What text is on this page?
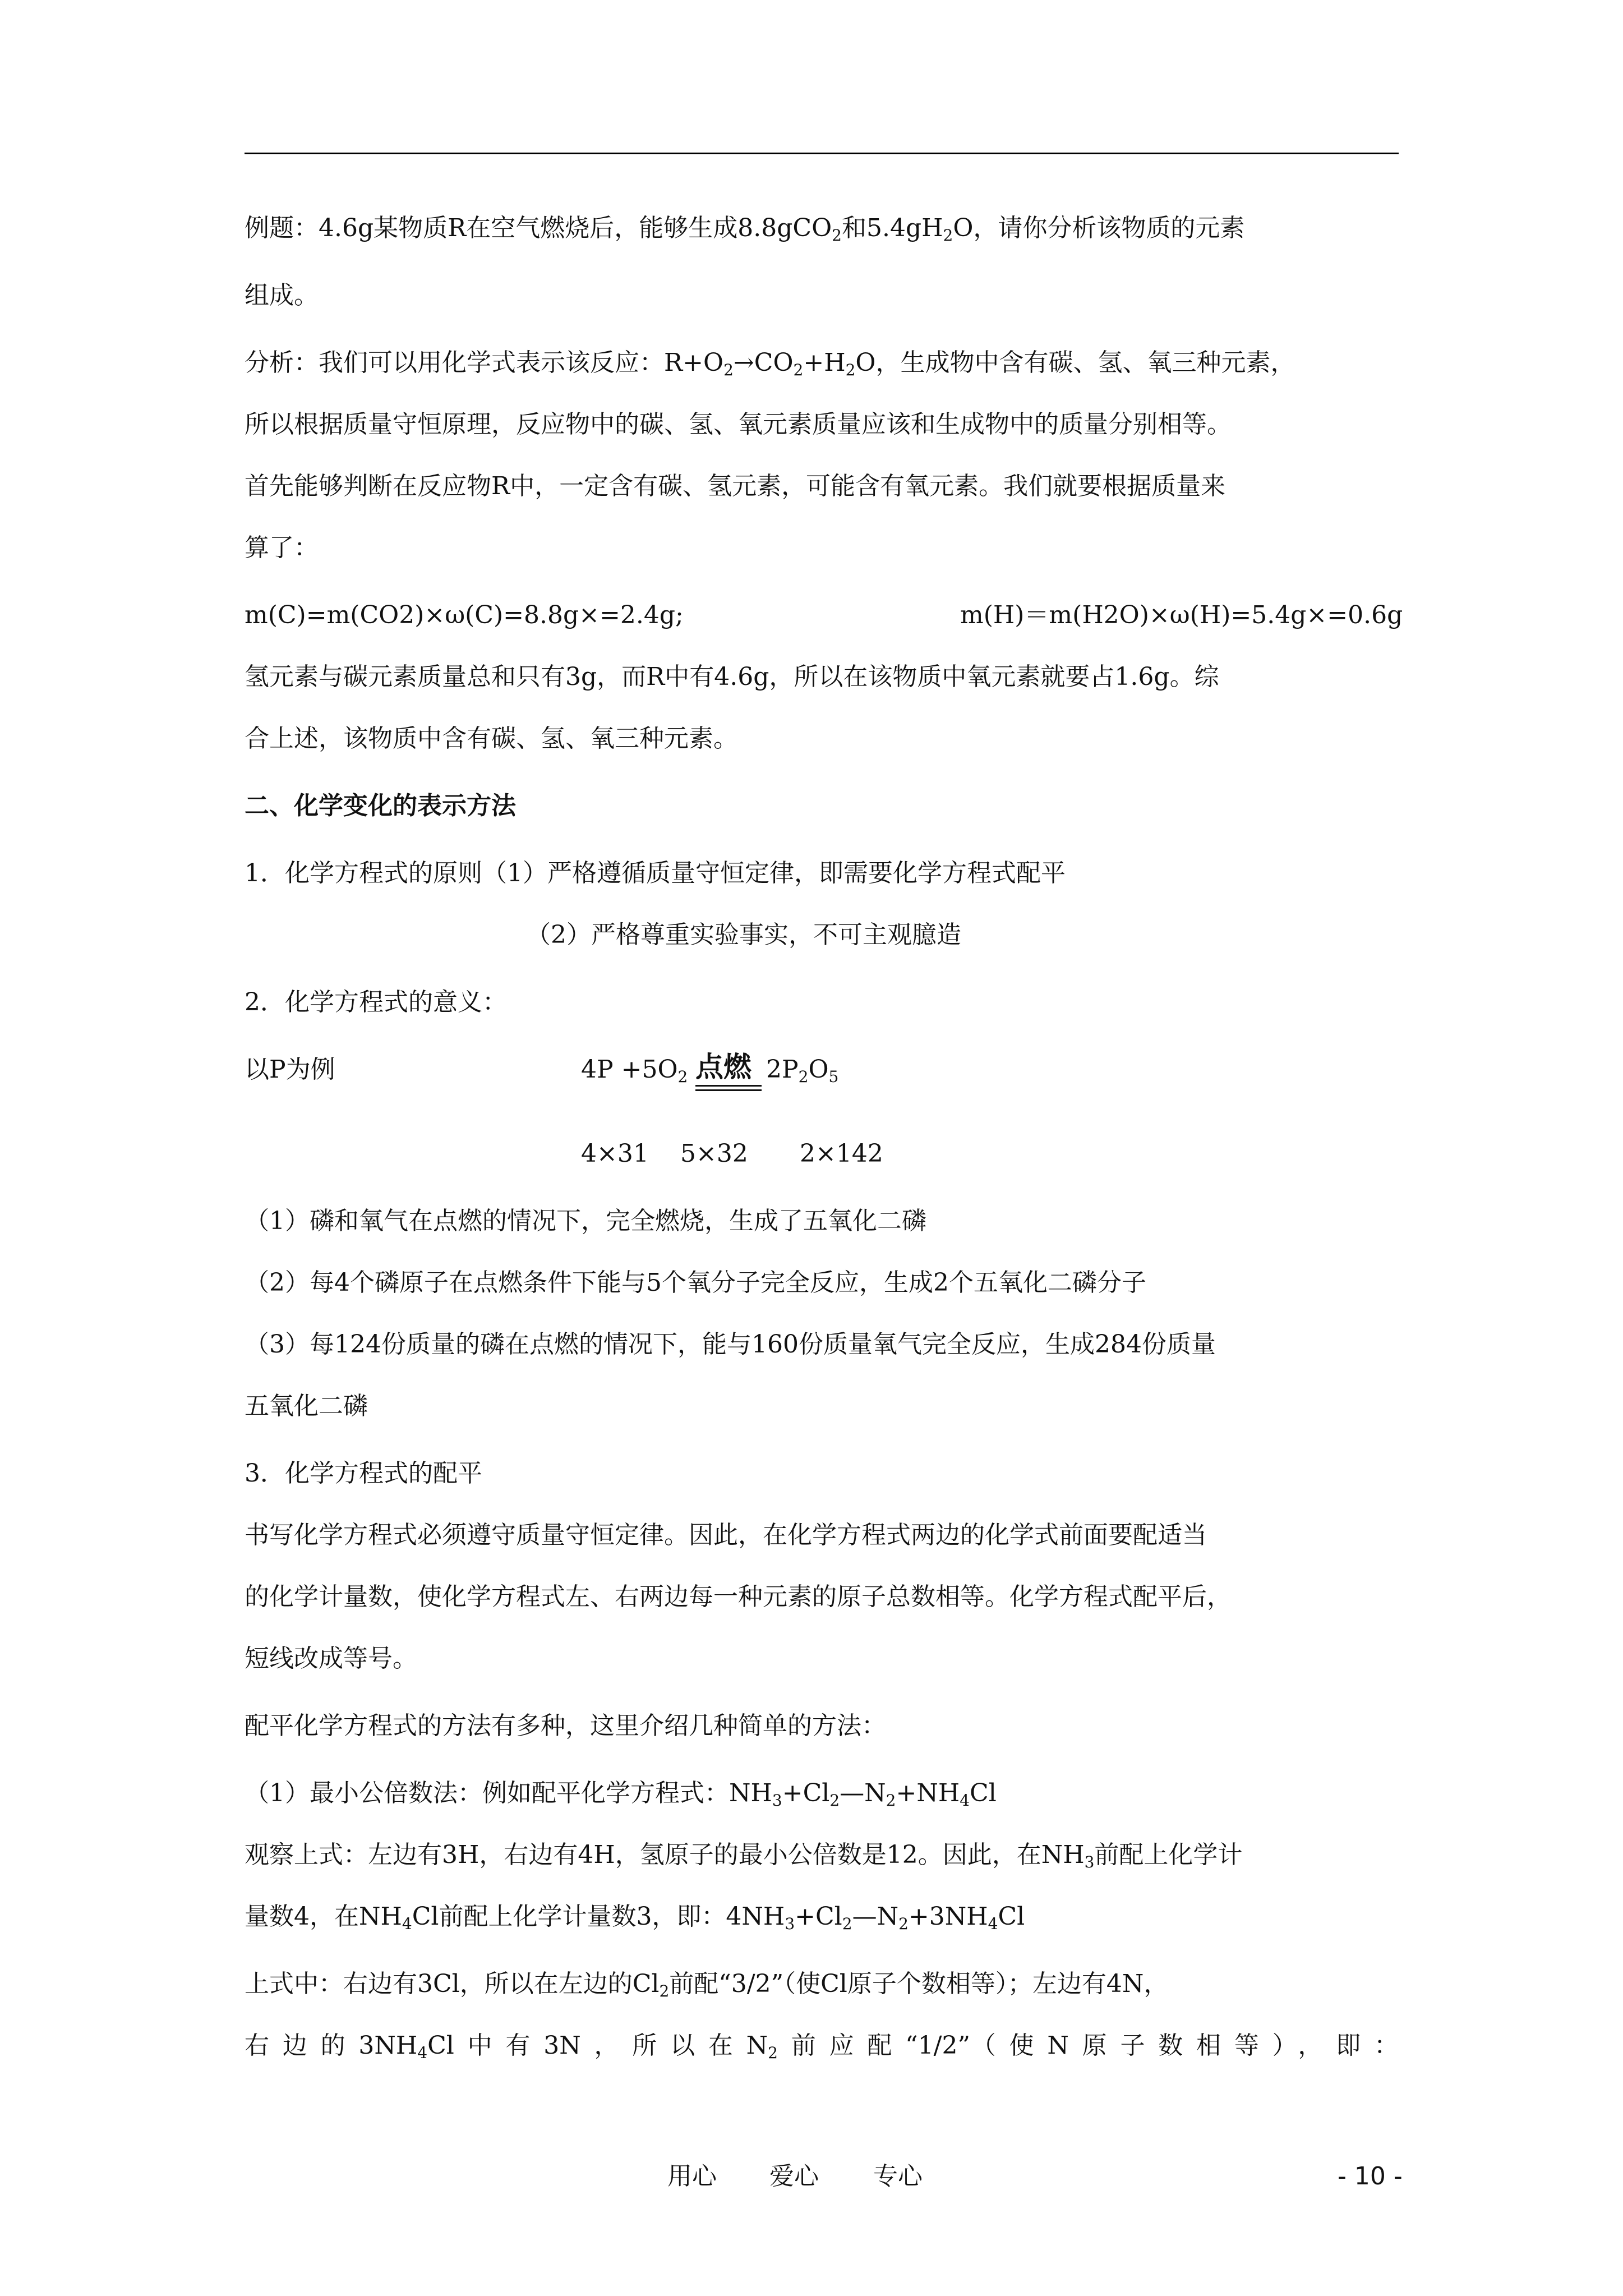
例题：4.6g某物质R在空气燃烧后，能够生成8.8gCO$_2$和$5.4gH_2O$，请你分析该物质的元素
组成。
分析：我们可以用化学式表示该反应：$R+O_2\to CO_2+H_2O$，生成物中含有碳、氢、氧三种元素，
所以根据质量守恒原理，反应物中的碳、氢、氧元素质量应该和生成物中的质量分别相等。
首先能够判断在反应物R中，一定含有碳、氢元素，可能含有氧元素。我们就要根据质量来
算了：
m(C)=m(CO2)×ω(C)=8.8g×=2.4g;	m(H)＝m(H2O)×ω(H)=5.4g×=0.6g
氢元素与碳元素质量总和只有3g，而R中有4.6g，所以在该物质中氧元素就要占1.6g。综
合上述，该物质中含有碳、氢、氧三种元素。
二、化学变化的表示方法
1．化学方程式的原则（1）严格遵循质量守恒定律，即需要化学方程式配平
（2）严格尊重实验事实，不可主观臆造
2．化学方程式的意义：
以P为例	$4P +5O_2$ 点燃 $2P_2O_5$
4×31 5×32 2×142
（1）磷和氧气在点燃的情况下，完全燃烧，生成了五氧化二磷
（2）每4个磷原子在点燃条件下能与5个氧分子完全反应，生成2个五氧化二磷分子
（3）每124份质量的磷在点燃的情况下，能与160份质量氧气完全反应，生成284份质量
五氧化二磷
3．化学方程式的配平
书写化学方程式必须遵守质量守恒定律。因此，在化学方程式两边的化学式前面要配适当
的化学计量数，使化学方程式左、右两边每一种元素的原子总数相等。化学方程式配平后，
短线改成等号。
配平化学方程式的方法有多种，这里介绍几种简单的方法：
（1）最小公倍数法：例如配平化学方程式：$NH_3+Cl_2—N_2+NH_4Cl$
观察上式：左边有3H，右边有4H，氢原子的最小公倍数是12。因此，在$NH_3$前配上化学计
量数4，在$NH_4Cl$前配上化学计量数3，即：$4NH_3+Cl_2—N_2+3NH_4Cl$
上式中：右边有3Cl，所以在左边的$Cl_2$前配“3/2”（使Cl原子个数相等）；左边有4N，
右边的$3NH_4Cl$中有3N，所以在$N_2$前应配“1/2”（使N原子数相等），即：
用心 爱心 专心	- 10 -
